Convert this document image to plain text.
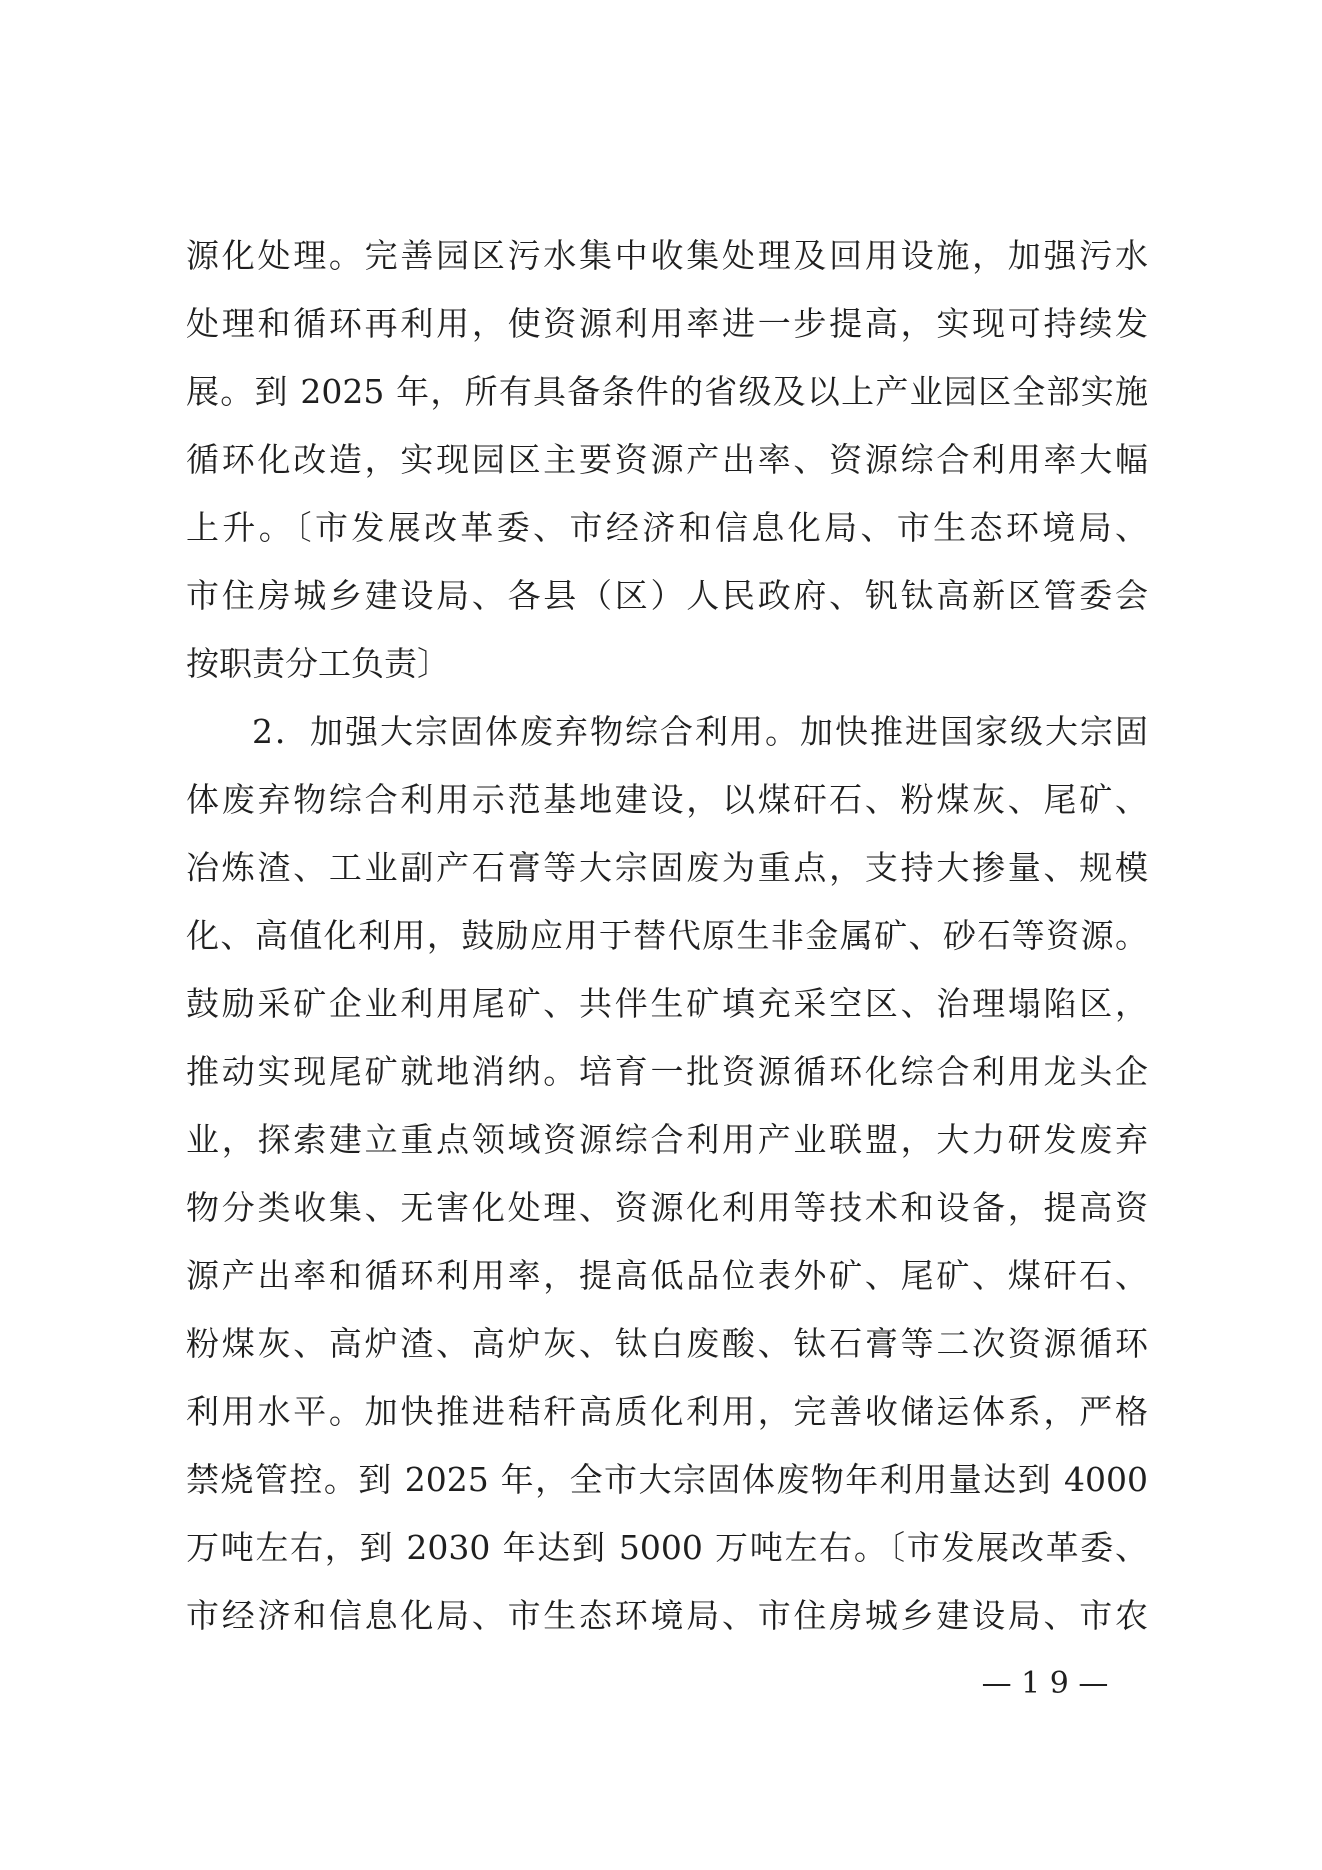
源化处理。完善园区污水集中收集处理及回用设施，加强污水
处理和循环再利用，使资源利用率进一步提高，实现可持续发
展。到 2025 年，所有具备条件的省级及以上产业园区全部实施
循环化改造，实现园区主要资源产出率、资源综合利用率大幅
上升。〔市发展改革委、市经济和信息化局、市生态环境局、
市住房城乡建设局、各县（区）人民政府、钒钛高新区管委会
按职责分工负责〕
2．加强大宗固体废弃物综合利用。加快推进国家级大宗固
体废弃物综合利用示范基地建设，以煤矸石、粉煤灰、尾矿、
冶炼渣、工业副产石膏等大宗固废为重点，支持大掺量、规模
化、高值化利用，鼓励应用于替代原生非金属矿、砂石等资源。
鼓励采矿企业利用尾矿、共伴生矿填充采空区、治理塌陷区，
推动实现尾矿就地消纳。培育一批资源循环化综合利用龙头企
业，探索建立重点领域资源综合利用产业联盟，大力研发废弃
物分类收集、无害化处理、资源化利用等技术和设备，提高资
源产出率和循环利用率，提高低品位表外矿、尾矿、煤矸石、
粉煤灰、高炉渣、高炉灰、钛白废酸、钛石膏等二次资源循环
利用水平。加快推进秸秆高质化利用，完善收储运体系，严格
禁烧管控。到 2025 年，全市大宗固体废物年利用量达到 4000
万吨左右，到 2030 年达到 5000 万吨左右。〔市发展改革委、
市经济和信息化局、市生态环境局、市住房城乡建设局、市农
— 1 9 —
